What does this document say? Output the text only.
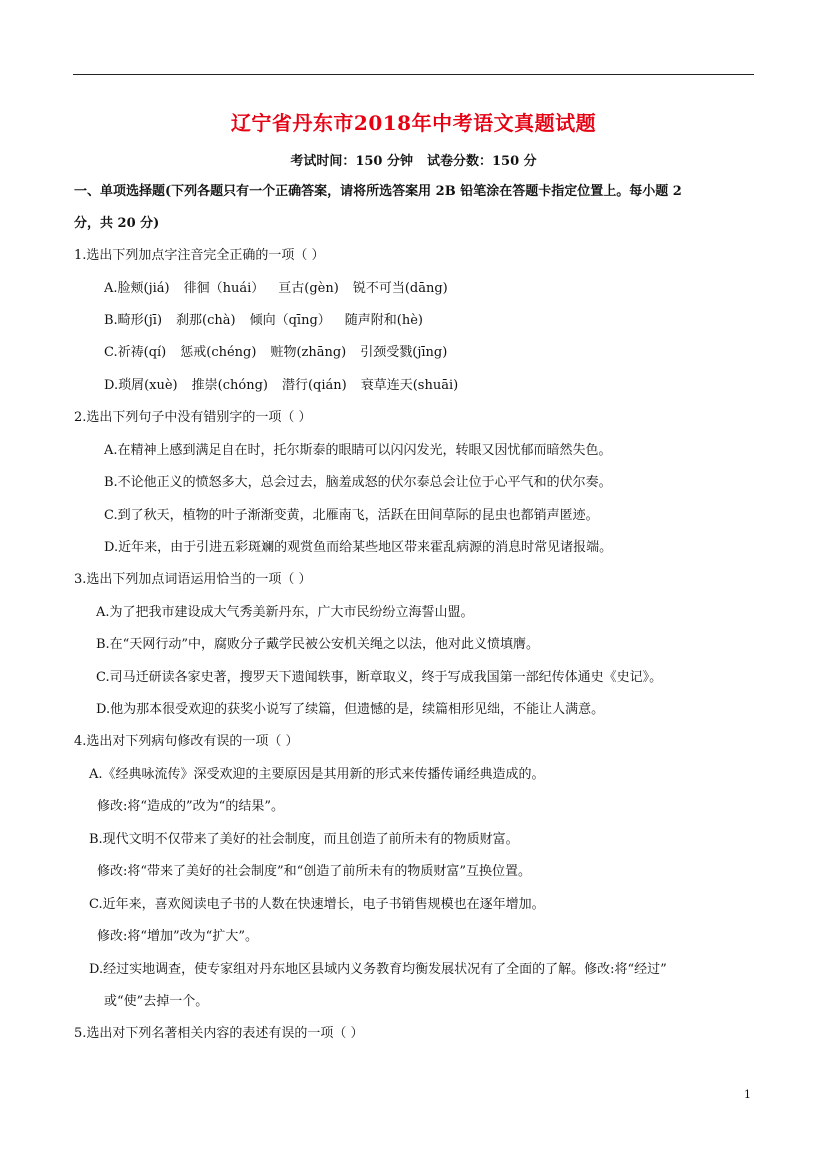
辽宁省丹东市2018年中考语文真题试题
考试时间：150 分钟 试卷分数：150 分
一、单项选择题(下列各题只有一个正确答案，请将所选答案用 2B 铅笔涂在答题卡指定位置上。每小题 2
分，共 20 分)
1.选出下列加点字注音完全正确的一项（ ）
A.脸颊(jiá) 徘徊（huái） 亘古(gèn) 锐不可当(dāng)
B.畸形(jī) 刹那(chà) 倾向（qīng） 随声附和(hè)
C.祈祷(qí) 惩戒(chéng) 赃物(zhāng) 引颈受戮(jīng)
D.琐屑(xuè) 推崇(chóng) 潜行(qián) 衰草连天(shuāi)
2.选出下列句子中没有错别字的一项（ ）
A.在精神上感到满足自在时，托尔斯泰的眼睛可以闪闪发光，转眼又因忧郁而暗然失色。
B.不论他正义的愤怒多大，总会过去，脑羞成怒的伏尔泰总会让位于心平气和的伏尔奏。
C.到了秋天，植物的叶子渐渐变黄，北雁南飞，活跃在田间草际的昆虫也都销声匿迹。
D.近年来，由于引进五彩斑斓的观赏鱼而给某些地区带来霍乱病源的消息时常见诸报端。
3.选出下列加点词语运用恰当的一项（ ）
A.为了把我市建设成大气秀美新丹东，广大市民纷纷立海誓山盟。
B.在“天网行动”中，腐败分子戴学民被公安机关绳之以法，他对此义愤填膺。
C.司马迁研读各家史著，搜罗天下遗闻轶事，断章取义，终于写成我国第一部纪传体通史《史记》。
D.他为那本很受欢迎的获奖小说写了续篇，但遗憾的是，续篇相形见绌，不能让人满意。
4.选出对下列病句修改有误的一项（ ）
A.《经典咏流传》深受欢迎的主要原因是其用新的形式来传播传诵经典造成的。
修改:将“造成的”改为“的结果”。
B.现代文明不仅带来了美好的社会制度，而且创造了前所未有的物质财富。
修改:将“带来了美好的社会制度”和“创造了前所未有的物质财富”互换位置。
C.近年来，喜欢阅读电子书的人数在快速增长，电子书销售规模也在逐年增加。
修改:将“增加”改为“扩大”。
D.经过实地调查，使专家组对丹东地区县域内义务教育均衡发展状况有了全面的了解。修改:将“经过”
或“使”去掉一个。
5.选出对下列名著相关内容的表述有误的一项（ ）
1
